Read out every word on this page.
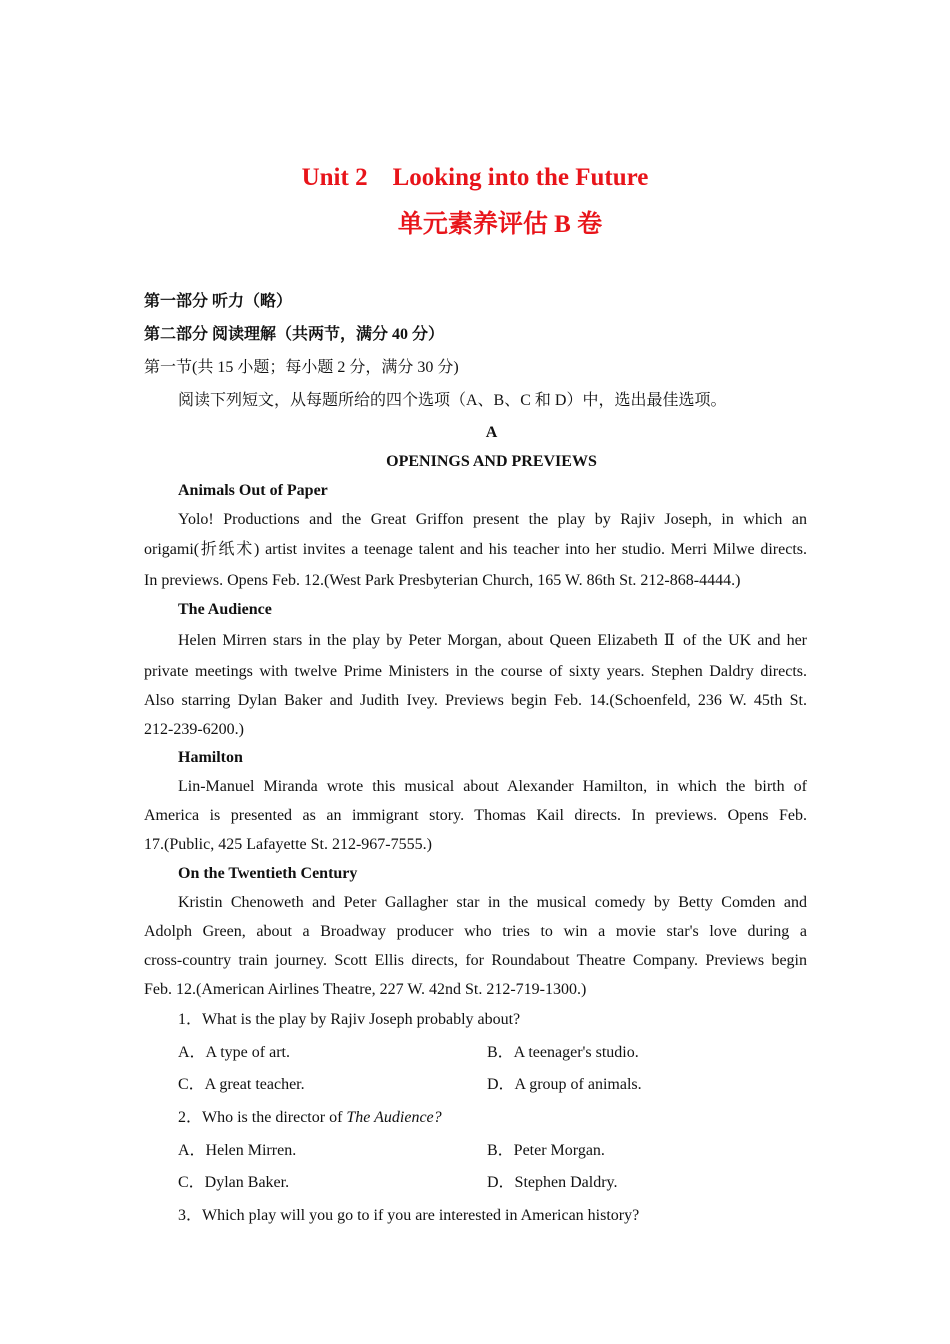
Unit 2    Looking into the Future
单元素养评估 B 卷
第一部分 听力（略）
第二部分 阅读理解（共两节，满分 40 分）
第一节(共 15 小题；每小题 2 分，满分 30 分)
阅读下列短文，从每题所给的四个选项（A、B、C 和 D）中，选出最佳选项。
A
OPENINGS AND PREVIEWS
Animals Out of Paper
Yolo! Productions and the Great Griffon present the play by Rajiv Joseph, in which an
origami(折纸术) artist invites a teenage talent and his teacher into her studio. Merri Milwe directs.
In previews. Opens Feb. 12.(West Park Presbyterian Church, 165 W. 86th St. 212-868-4444.)
The Audience
Helen Mirren stars in the play by Peter Morgan, about Queen Elizabeth Ⅱ of the UK and her
private meetings with twelve Prime Ministers in the course of sixty years. Stephen Daldry directs.
Also starring Dylan Baker and Judith Ivey. Previews begin Feb. 14.(Schoenfeld, 236 W. 45th St.
212-239-6200.)
Hamilton
Lin-Manuel Miranda wrote this musical about Alexander Hamilton, in which the birth of
America is presented as an immigrant story. Thomas Kail directs. In previews. Opens Feb.
17.(Public, 425 Lafayette St. 212-967-7555.)
On the Twentieth Century
Kristin Chenoweth and Peter Gallagher star in the musical comedy by Betty Comden and
Adolph Green, about a Broadway producer who tries to win a movie star's love during a
cross-country train journey. Scott Ellis directs, for Roundabout Theatre Company. Previews begin
Feb. 12.(American Airlines Theatre, 227 W. 42nd St. 212-719-1300.)
1．What is the play by Rajiv Joseph probably about?
A．A type of art.	B．A teenager's studio.
C．A great teacher.	D．A group of animals.
2．Who is the director of The Audience?
A．Helen Mirren.	B．Peter Morgan.
C．Dylan Baker.	D．Stephen Daldry.
3．Which play will you go to if you are interested in American history?
